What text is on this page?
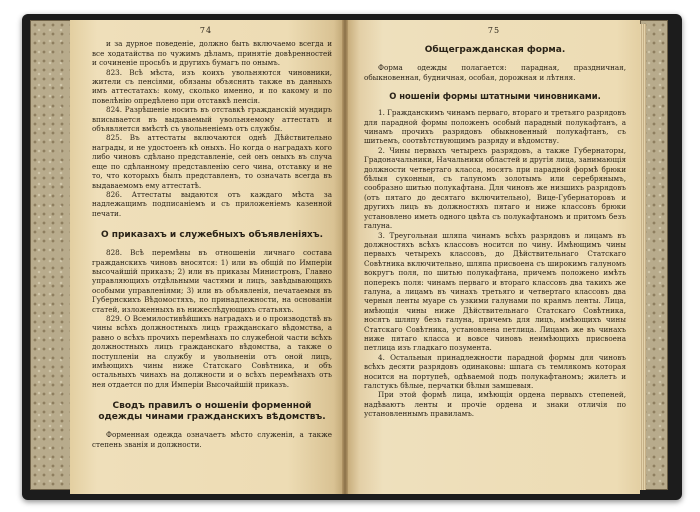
74

и за дурное поведеніе, должно быть включаемо всегда и все ходатайства по чужимъ дѣламъ, принятіе довѣренностей и сочиненіе просьбъ и другихъ бумагъ по онымъ.

823. Всѣ мѣста, изъ коихъ увольняются чиновники, жители съ пенсіями, обязаны объяснять также въ данныхъ имъ аттестатахъ: кому, сколько именно, и по какому и по повелѣнію опредѣлено при отставкѣ пенсія.

824. Разрѣшеніе носить въ отставкѣ гражданскій мундиръ вписывается въ выдаваемый увольняемому аттестатъ и объявляется вмѣстѣ съ увольненіемъ отъ службы.

825. Въ аттестаты включаются однѣ Дѣйствительно награды, и не удостоенъ кѣ оныхъ. Но когда о наградахъ кого либо чиновъ сдѣлано представленіе, сей онъ оныхъ въ случа еще по сдѣланному представленію сего чина, отставку и не то, что которыхъ былъ представленъ, то означать всегда въ выдаваемомъ ему аттестатѣ.

826. Аттестаты выдаются отъ каждаго мѣста за надлежащимъ подписаніемъ и съ приложеніемъ казенной печати.

О приказахъ и служебныхъ объявленіяхъ.

828. Всѣ перемѣны въ отношеніи личнаго состава гражданскихъ чиновъ вносятся: 1) или въ общій по Имперіи высочайшій приказъ; 2) или въ приказы Министровъ, Главно управляющихъ отдѣльными частями и лицъ, завѣдывающихъ особыми управленіями; 3) или въ объявленія, печатаемыя въ Губернскихъ Вѣдомостяхъ, по принадлежности, на основаніи статей, изложенныхъ въ нижеслѣдующихъ статьяхъ.

829. О Всемилостивѣйшихъ наградахъ и о производствѣ въ чины всѣхъ должностныхъ лицъ гражданскаго вѣдомства, а равно о всѣхъ прочихъ перемѣнахъ по служебной части всѣхъ должностныхъ лицъ гражданскаго вѣдомства, а также о поступленіи на службу и увольненіи отъ оной лицъ, имѣющихъ чины ниже Статскаго Совѣтника, и объ остальныхъ чинахъ на должности и о всѣхъ перемѣнахъ отъ нея отдается по для Имперіи Высочайшій приказъ.

Сводъ правилъ о ношеніи форменной одежды чинами гражданскихъ вѣдомствъ.

Форменная одежда означаетъ мѣсто служенія, а также степень званія и должности.

75
Общегражданская форма.

Форма одежды полагается: парадная, праздничная, обыкновенная, будничная, особая, дорожная и лѣтняя.

О ношеніи формы штатными чиновниками.

1. Гражданскимъ чинамъ перваго, втораго и третьяго разрядовъ для парадной формы положенъ особый парадный полукафтанъ, а чинамъ прочихъ разрядовъ обыкновенный полукафтанъ, съ шитьемъ, соотвѣтствующимъ разряду и вѣдомству.

2. Чины первыхъ четырехъ разрядовъ, а также Губернаторы, Градоначальники, Начальники областей и другія лица, занимающія должности четвертаго класса, носятъ при парадной формѣ брюки бѣлыя суконныя, съ галуномъ золотымъ или серебрянымъ, сообразно шитью полукафтана. Для чиновъ же низшихъ разрядовъ (отъ пятаго до десятаго включительно), Вице-Губернаторовъ и другихъ лицъ въ должностяхъ пятаго и ниже классовъ брюки установлено иметь одного цвѣта съ полукафтаномъ и притомъ безъ галуна.

3. Треугольная шляпа чинамъ всѣхъ разрядовъ и лицамъ въ должностяхъ всѣхъ классовъ носится по чину. Имѣющимъ чины первыхъ четырехъ классовъ, до Дѣйствительнаго Статскаго Совѣтника включительно, шляпа присвоена съ широкимъ галуномъ вокругъ поля, по шитью полукафтана, причемъ положено имѣть поперекъ поля: чинамъ перваго и втораго классовъ два такихъ же галуна, а лицамъ въ чинахъ третьяго и четвертаго классовъ два черныя ленты муаре съ узкими галунами по краямъ ленты. Лица, имѣющія чины ниже Дѣйствительнаго Статскаго Совѣтника, носятъ шляпу безъ галуна, причемъ для лицъ, имѣющихъ чины Статскаго Совѣтника, установлена петлица. Лицамъ же въ чинахъ ниже пятаго класса и вовсе чиновъ неимѣющихъ присвоена петлица изъ гладкаго позумента.

4. Остальныя принадлежности парадной формы для чиновъ всѣхъ десяти разрядовъ одинаковы: шпага съ темлякомъ которая носится на портупеѣ, одѣваемой подъ полукафтаномъ; жилетъ и галстукъ бѣлые, перчатки бѣлыя замшевыя.

При этой формѣ лица, имѣющія ордена первыхъ степеней, надѣваютъ ленты и прочіе ордена и знаки отличія по установленнымъ правиламъ.
